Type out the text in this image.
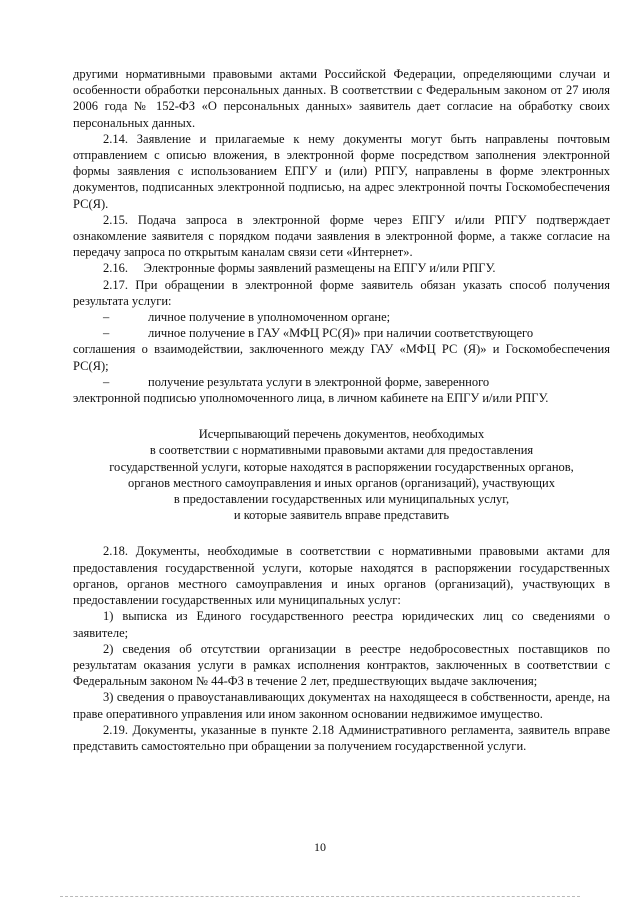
другими нормативными правовыми актами Российской Федерации, определяющими случаи и особенности обработки персональных данных. В соответствии с Федеральным законом от 27 июля 2006 года № 152-ФЗ «О персональных данных» заявитель дает согласие на обработку своих персональных данных.

2.14. Заявление и прилагаемые к нему документы могут быть направлены почтовым отправлением с описью вложения, в электронной форме посредством заполнения электронной формы заявления с использованием ЕПГУ и (или) РПГУ, направлены в форме электронных документов, подписанных электронной подписью, на адрес электронной почты Госкомобеспечения РС(Я).

2.15. Подача запроса в электронной форме через ЕПГУ и/или РПГУ подтверждает ознакомление заявителя с порядком подачи заявления в электронной форме, а также согласие на передачу запроса по открытым каналам связи сети «Интернет».

2.16.     Электронные формы заявлений размещены на ЕПГУ и/или РПГУ.

2.17. При обращении в электронной форме заявитель обязан указать способ получения результата услуги:

–	личное получение в уполномоченном органе;
–	личное получение в ГАУ «МФЦ РС(Я)» при наличии соответствующего

соглашения о взаимодействии, заключенного между ГАУ «МФЦ РС (Я)» и Госкомобеспечения РС(Я);

–	получение результата услуги в электронной форме, заверенного

электронной подписью уполномоченного лица, в личном кабинете на ЕПГУ и/или РПГУ.

Исчерпывающий перечень документов, необходимых
в соответствии с нормативными правовыми актами для предоставления
государственной услуги, которые находятся в распоряжении государственных органов,
органов местного самоуправления и иных органов (организаций), участвующих
в предоставлении государственных или муниципальных услуг,
и которые заявитель вправе представить

2.18. Документы, необходимые в соответствии с нормативными правовыми актами для предоставления государственной услуги, которые находятся в распоряжении государственных органов, органов местного самоуправления и иных органов (организаций), участвующих в предоставлении государственных или муниципальных услуг:

1) выписка из Единого государственного реестра юридических лиц со сведениями о заявителе;

2) сведения об отсутствии организации в реестре недобросовестных поставщиков по результатам оказания услуги в рамках исполнения контрактов, заключенных в соответствии с Федеральным законом № 44-ФЗ в течение 2 лет, предшествующих выдаче заключения;

3) сведения о правоустанавливающих документах на находящееся в собственности, аренде, на праве оперативного управления или ином законном основании недвижимое имущество.

2.19. Документы, указанные в пункте 2.18 Административного регламента, заявитель вправе представить самостоятельно при обращении за получением государственной услуги.

10
